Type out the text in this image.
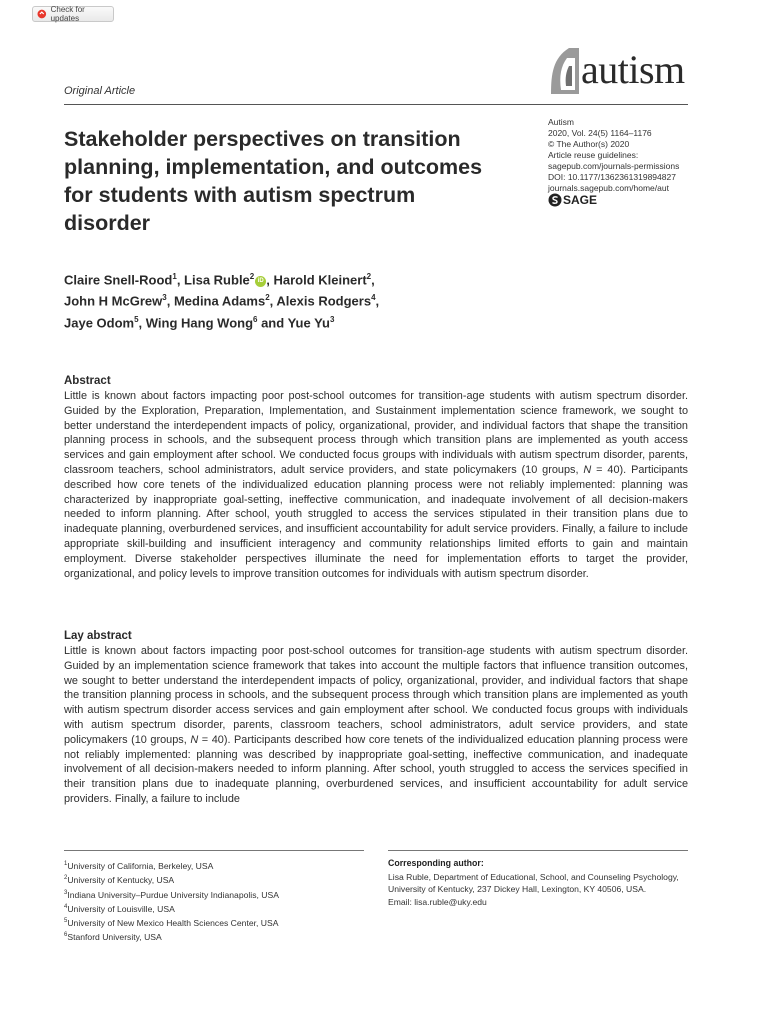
Check for updates
Original Article	autism
Stakeholder perspectives on transition planning, implementation, and outcomes for students with autism spectrum disorder
Autism
2020, Vol. 24(5) 1164–1176
© The Author(s) 2020
Article reuse guidelines:
sagepub.com/journals-permissions
DOI: 10.1177/1362361319894827
journals.sagepub.com/home/aut
SAGE
Claire Snell-Rood$^1$, Lisa Ruble$^2$iD , Harold Kleinert$^2$,
John H McGrew$^3$, Medina Adams$^2$, Alexis Rodgers$^4$,
Jaye Odom$^5$, Wing Hang Wong$^6$ and Yue Yu$^3$
Abstract
Little is known about factors impacting poor post-school outcomes for transition-age students with autism spectrum disorder. Guided by the Exploration, Preparation, Implementation, and Sustainment implementation science framework, we sought to better understand the interdependent impacts of policy, organizational, provider, and individual factors that shape the transition planning process in schools, and the subsequent process through which transition plans are implemented as youth access services and gain employment after school. We conducted focus groups with individuals with autism spectrum disorder, parents, classroom teachers, school administrators, adult service providers, and state policymakers (10 groups, N = 40). Participants described how core tenets of the individualized education planning process were not reliably implemented: planning was characterized by inappropriate goal-setting, ineffective communication, and inadequate involvement of all decision-makers needed to inform planning. After school, youth struggled to access the services stipulated in their transition plans due to inadequate planning, overburdened services, and insufficient accountability for adult service providers. Finally, a failure to include appropriate skill-building and insufficient interagency and community relationships limited efforts to gain and maintain employment. Diverse stakeholder perspectives illuminate the need for implementation efforts to target the provider, organizational, and policy levels to improve transition outcomes for individuals with autism spectrum disorder.
Lay abstract
Little is known about factors impacting poor post-school outcomes for transition-age students with autism spectrum disorder. Guided by an implementation science framework that takes into account the multiple factors that influence transition outcomes, we sought to better understand the interdependent impacts of policy, organizational, provider, and individual factors that shape the transition planning process in schools, and the subsequent process through which transition plans are implemented as youth with autism spectrum disorder access services and gain employment after school. We conducted focus groups with individuals with autism spectrum disorder, parents, classroom teachers, school administrators, adult service providers, and state policymakers (10 groups, N = 40). Participants described how core tenets of the individualized education planning process were not reliably implemented: planning was described by inappropriate goal-setting, ineffective communication, and inadequate involvement of all decision-makers needed to inform planning. After school, youth struggled to access the services specified in their transition plans due to inadequate planning, overburdened services, and insufficient accountability for adult service providers. Finally, a failure to include
$^1$University of California, Berkeley, USA
$^2$University of Kentucky, USA
$^3$Indiana University–Purdue University Indianapolis, USA
$^4$University of Louisville, USA
$^5$University of New Mexico Health Sciences Center, USA
$^6$Stanford University, USA
Corresponding author:
Lisa Ruble, Department of Educational, School, and Counseling Psychology, University of Kentucky, 237 Dickey Hall, Lexington, KY 40506, USA.
Email: lisa.ruble@uky.edu
